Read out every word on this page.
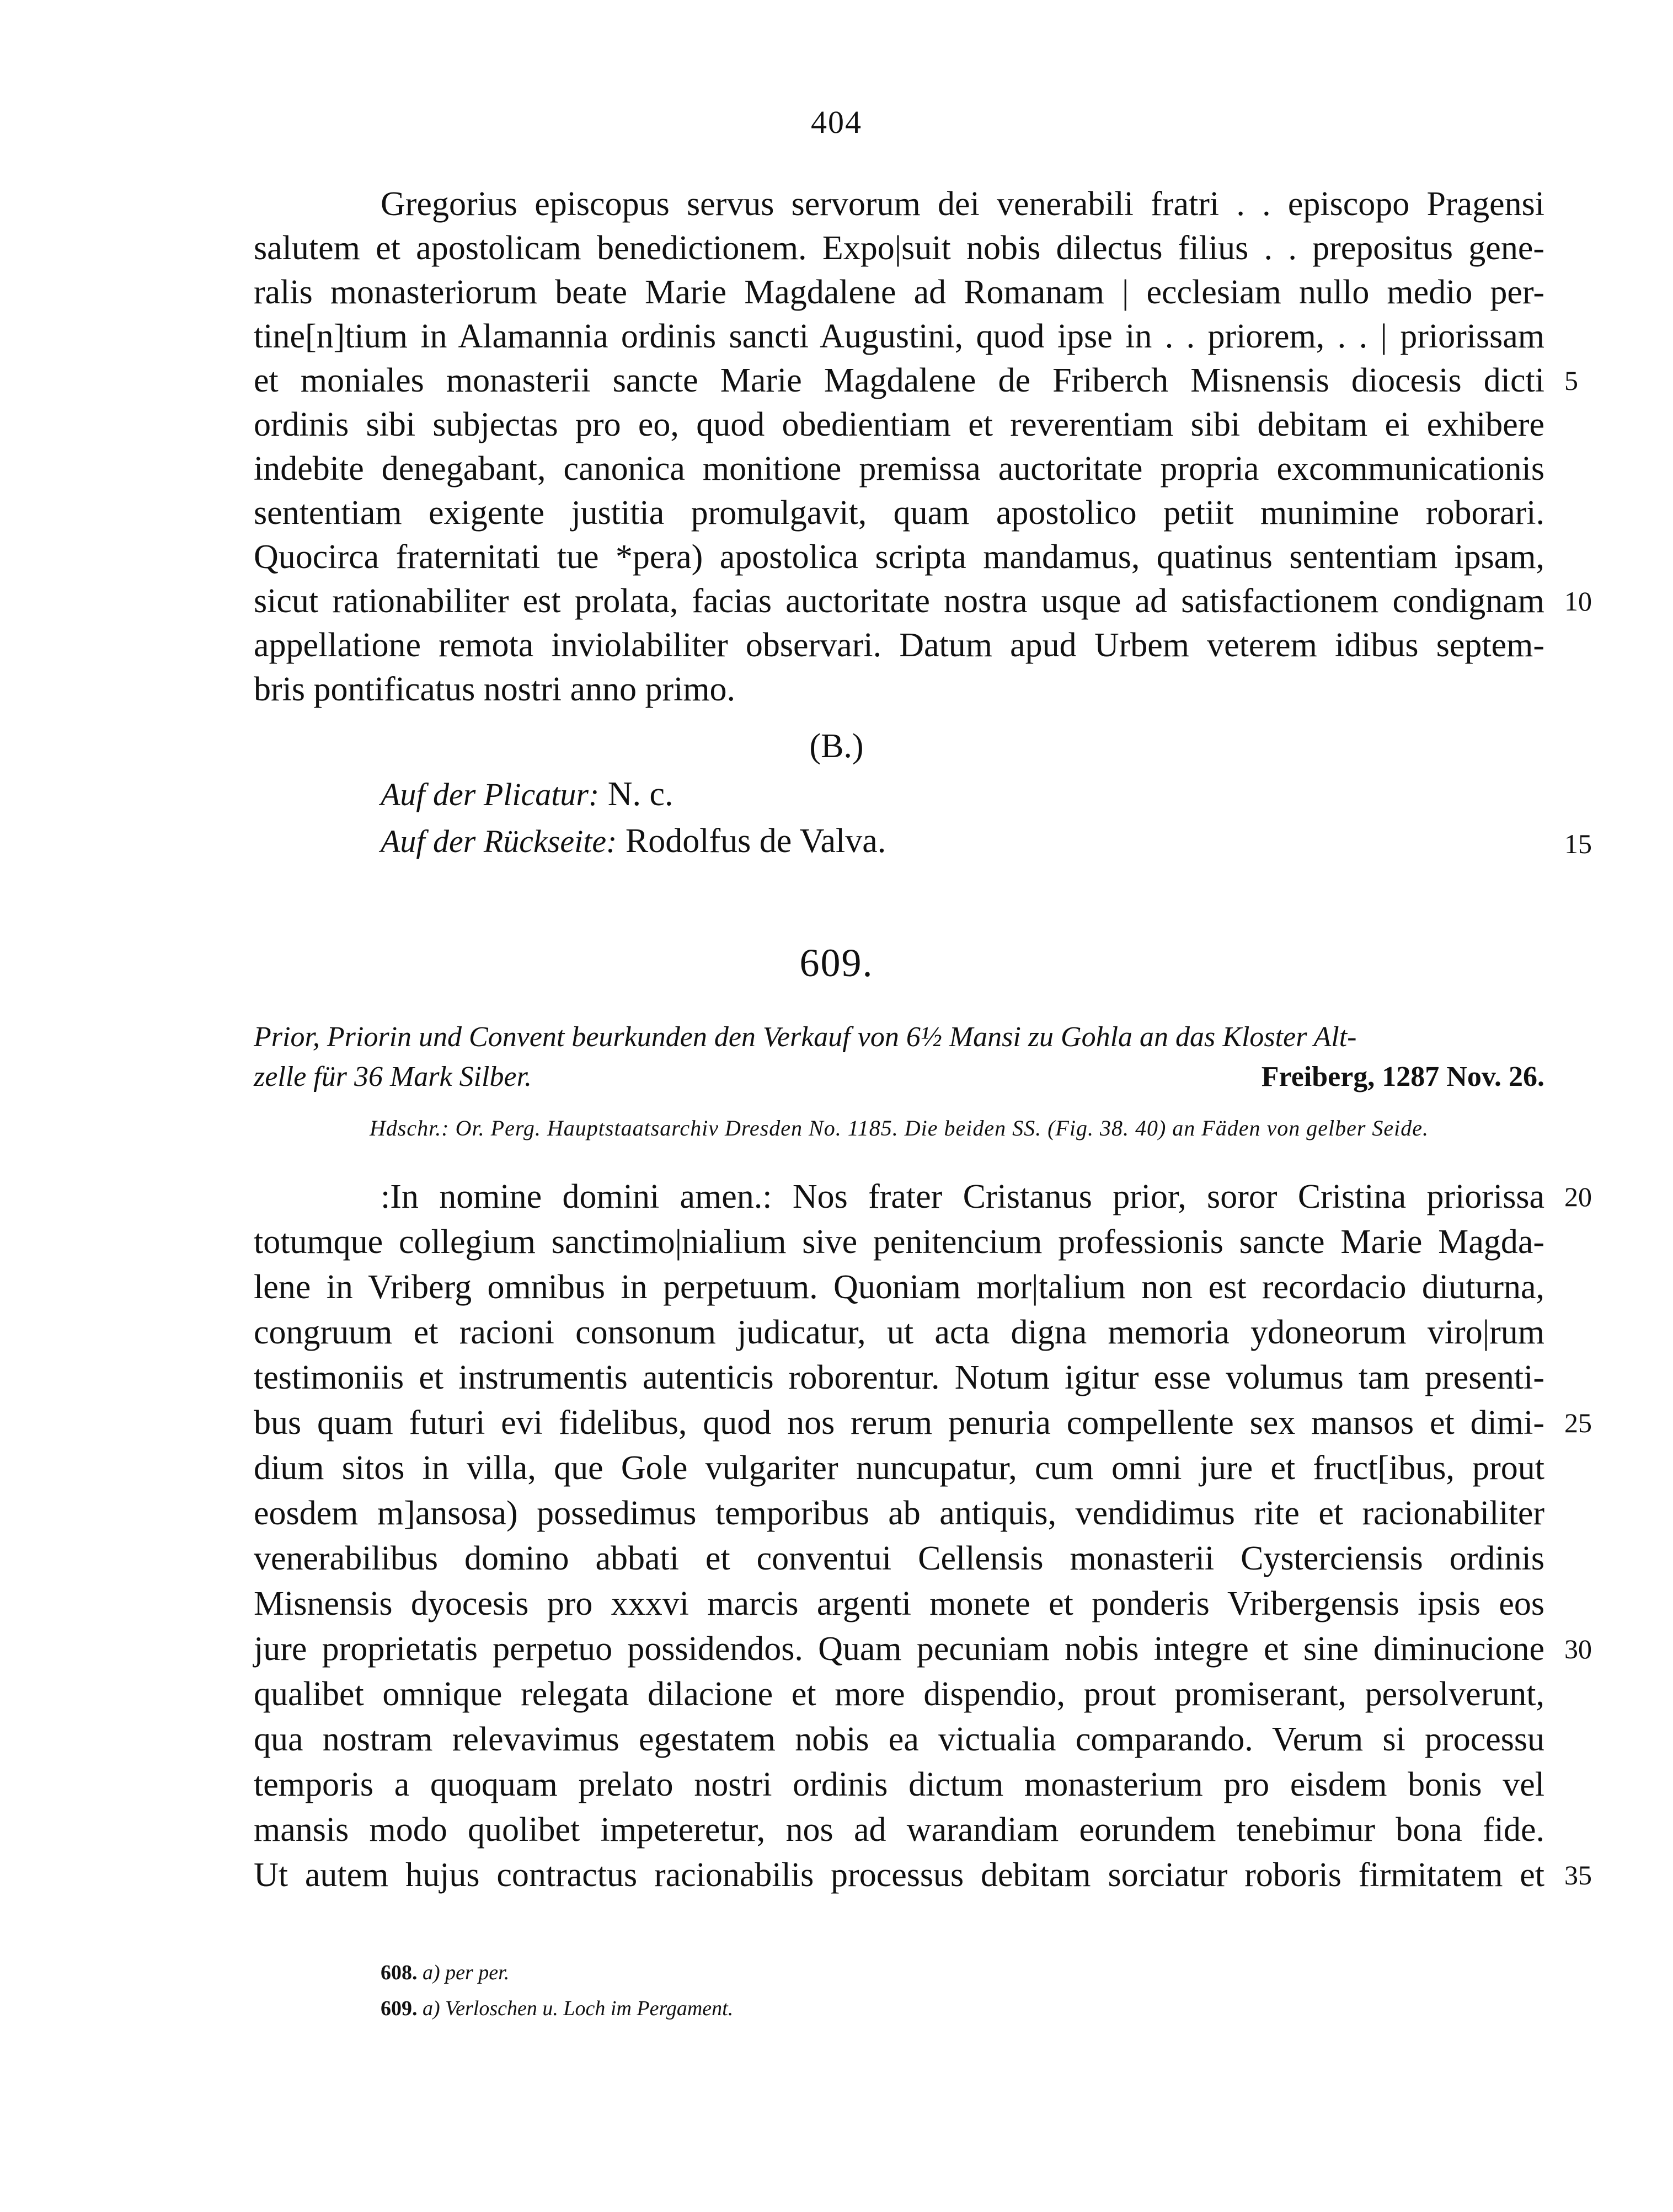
404
Gregorius episcopus servus servorum dei venerabili fratri . . episcopo Pragensi
salutem et apostolicam benedictionem. Expo|suit nobis dilectus filius . . prepositus gene-
ralis monasteriorum beate Marie Magdalene ad Romanam | ecclesiam nullo medio per-
tine[n]tium in Alamannia ordinis sancti Augustini, quod ipse in . . priorem, . . | priorissam
et moniales monasterii sancte Marie Magdalene de Friberch Misnensis diocesis dicti
ordinis sibi subjectas pro eo, quod obedientiam et reverentiam sibi debitam ei exhibere
indebite denegabant, canonica monitione premissa auctoritate propria excommunicationis
sententiam exigente justitia promulgavit, quam apostolico petiit munimine roborari.
Quocirca fraternitati tue *pera) apostolica scripta mandamus, quatinus sententiam ipsam,
sicut rationabiliter est prolata, facias auctoritate nostra usque ad satisfactionem condignam
appellatione remota inviolabiliter observari. Datum apud Urbem veterem idibus septem-
bris pontificatus nostri anno primo.
5
10
15
(B.)
Auf der Plicatur: N. c.
Auf der Rückseite: Rodolfus de Valva.
609.
Prior, Priorin und Convent beurkunden den Verkauf von 6½ Mansi zu Gohla an das Kloster Alt-
zelle für 36 Mark Silber.	Freiberg, 1287 Nov. 26.
Hdschr.: Or. Perg. Hauptstaatsarchiv Dresden No. 1185. Die beiden SS. (Fig. 38. 40) an Fäden von gelber Seide.
:In nomine domini amen.: Nos frater Cristanus prior, soror Cristina priorissa
totumque collegium sanctimo|nialium sive penitencium professionis sancte Marie Magda-
lene in Vriberg omnibus in perpetuum. Quoniam mor|talium non est recordacio diuturna,
congruum et racioni consonum judicatur, ut acta digna memoria ydoneorum viro|rum
testimoniis et instrumentis autenticis roborentur. Notum igitur esse volumus tam presenti-
bus quam futuri evi fidelibus, quod nos rerum penuria compellente sex mansos et dimi-
dium sitos in villa, que Gole vulgariter nuncupatur, cum omni jure et fruct[ibus, prout
eosdem m]ansosa) possedimus temporibus ab antiquis, vendidimus rite et racionabiliter
venerabilibus domino abbati et conventui Cellensis monasterii Cysterciensis ordinis
Misnensis dyocesis pro xxxvi marcis argenti monete et ponderis Vribergensis ipsis eos
jure proprietatis perpetuo possidendos. Quam pecuniam nobis integre et sine diminucione
qualibet omnique relegata dilacione et more dispendio, prout promiserant, persolverunt,
qua nostram relevavimus egestatem nobis ea victualia comparando. Verum si processu
temporis a quoquam prelato nostri ordinis dictum monasterium pro eisdem bonis vel
mansis modo quolibet impeteretur, nos ad warandiam eorundem tenebimur bona fide.
Ut autem hujus contractus racionabilis processus debitam sorciatur roboris firmitatem et
20
25
30
35
608. a) per per.
609. a) Verloschen u. Loch im Pergament.
